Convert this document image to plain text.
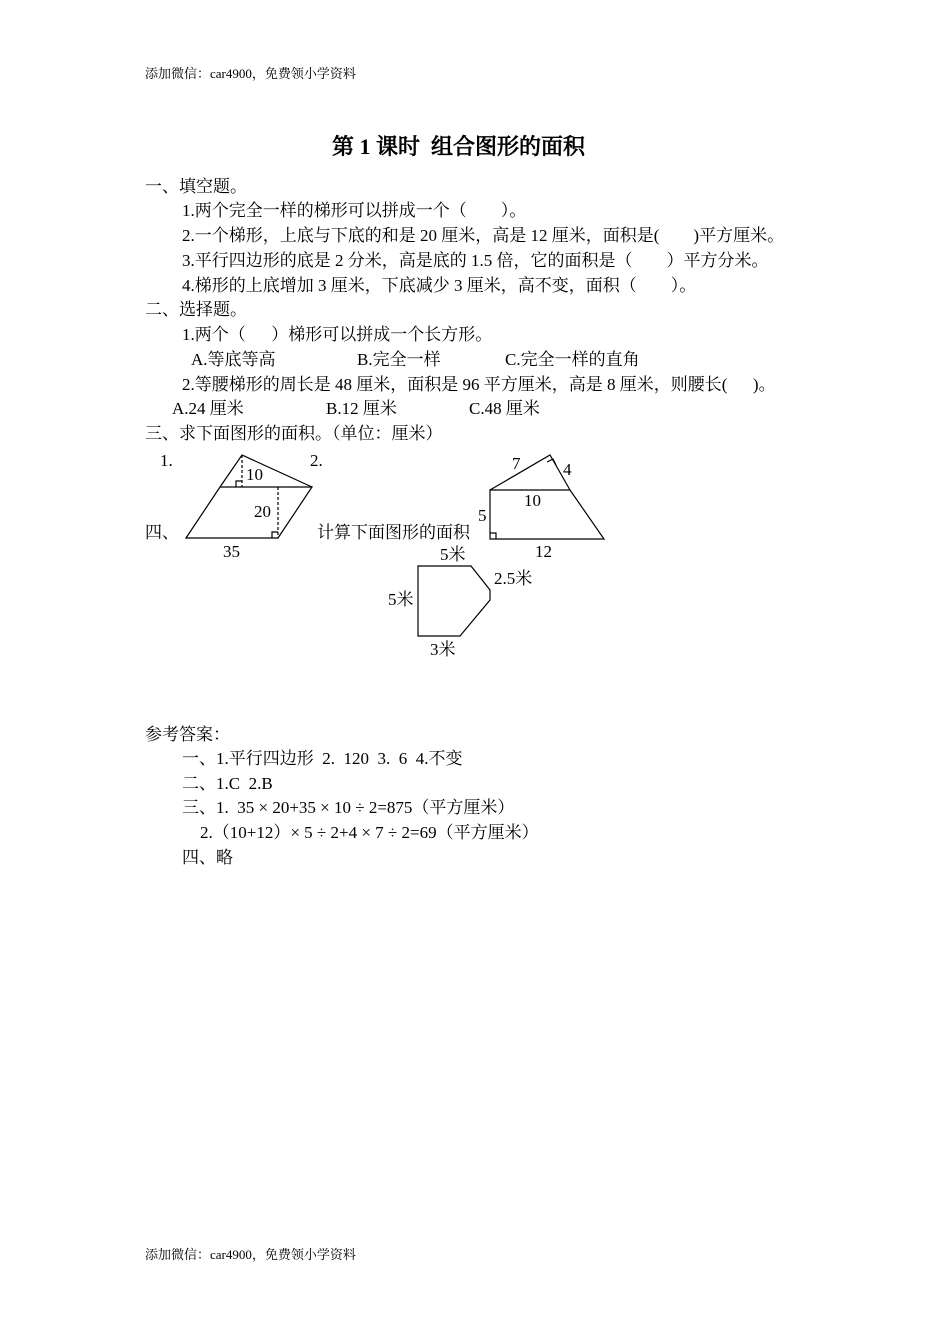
添加微信：car4900，免费领小学资料
第 1 课时  组合图形的面积
一、填空题。
1.两个完全一样的梯形可以拼成一个（        ）。
2.一个梯形，上底与下底的和是 20 厘米，高是 12 厘米，面积是(        )平方厘米。
3.平行四边形的底是 2 分米，高是底的 1.5 倍，它的面积是（        ）平方分米。
4.梯形的上底增加 3 厘米，下底减少 3 厘米，高不变，面积（        ）。
二、选择题。
1.两个（      ）梯形可以拼成一个长方形。
A.等底等高	B.完全一样	C.完全一样的直角
2.等腰梯形的周长是 48 厘米，面积是 96 平方厘米，高是 8 厘米，则腰长(      )。
A.24 厘米	B.12 厘米	C.48 厘米
三、求下面图形的面积。（单位：厘米）
1.	2.
四、	计算下面图形的面积
10
20
35
7	4
10
5
12
5米
5米
2.5米
3米
参考答案：
一、1.平行四边形  2.  120  3.  6  4.不变
二、1.C  2.B
三、1.  35 × 20+35 × 10 ÷ 2=875（平方厘米）
2.（10+12）× 5 ÷ 2+4 × 7 ÷ 2=69（平方厘米）
四、略
添加微信：car4900，免费领小学资料
